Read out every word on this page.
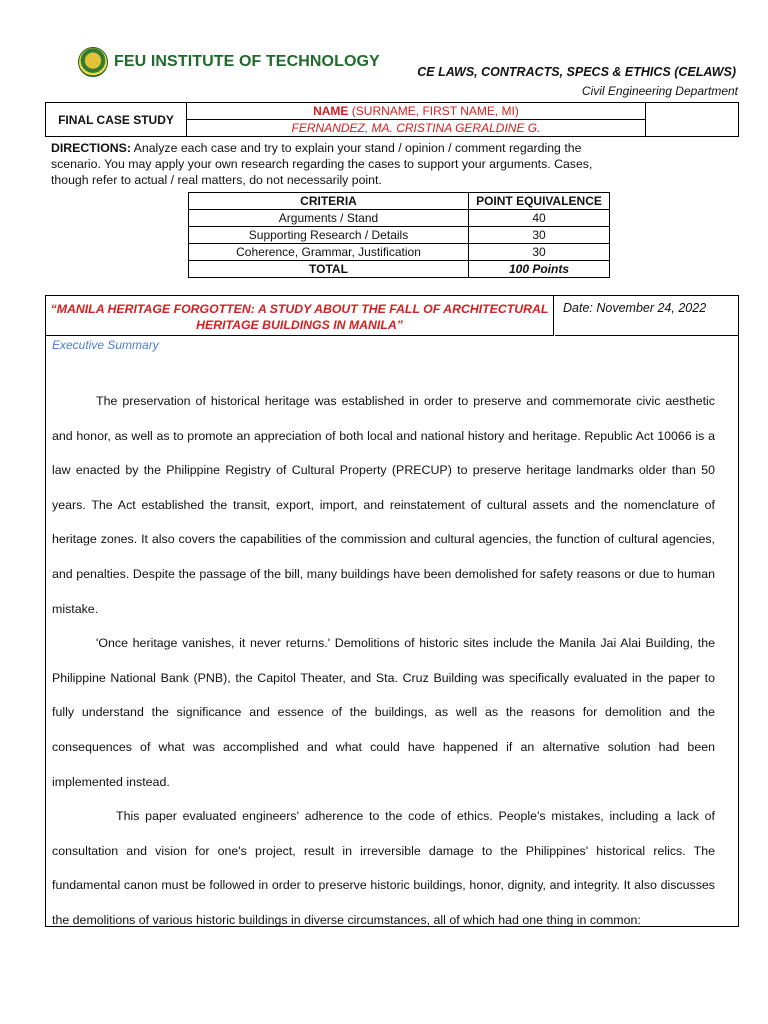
FEU INSTITUTE OF TECHNOLOGY
CE LAWS, CONTRACTS, SPECS & ETHICS (CELAWS)
Civil Engineering Department
FINAL CASE STUDY	NAME (SURNAME, FIRST NAME, MI)	
FERNANDEZ, MA. CRISTINA GERALDINE G.
DIRECTIONS: Analyze each case and try to explain your stand / opinion / comment regarding the scenario. You may apply your own research regarding the cases to support your arguments. Cases, though refer to actual / real matters, do not necessarily point.
CRITERIA	POINT EQUIVALENCE
Arguments / Stand	40
Supporting Research / Details	30
Coherence, Grammar, Justification	30
TOTAL	100 Points
“MANILA HERITAGE FORGOTTEN: A STUDY ABOUT THE FALL OF ARCHITECTURAL
HERITAGE BUILDINGS IN MANILA”
Date: November 24, 2022
Executive Summary

The preservation of historical heritage was established in order to preserve and commemorate civic aesthetic and honor, as well as to promote an appreciation of both local and national history and heritage. Republic Act 10066 is a law enacted by the Philippine Registry of Cultural Property (PRECUP) to preserve heritage landmarks older than 50 years. The Act established the transit, export, import, and reinstatement of cultural assets and the nomenclature of heritage zones. It also covers the capabilities of the commission and cultural agencies, the function of cultural agencies, and penalties. Despite the passage of the bill, many buildings have been demolished for safety reasons or due to human mistake.

'Once heritage vanishes, it never returns.' Demolitions of historic sites include the Manila Jai Alai Building, the Philippine National Bank (PNB), the Capitol Theater, and Sta. Cruz Building was specifically evaluated in the paper to fully understand the significance and essence of the buildings, as well as the reasons for demolition and the consequences of what was accomplished and what could have happened if an alternative solution had been implemented instead.

This paper evaluated engineers' adherence to the code of ethics. People's mistakes, including a lack of consultation and vision for one's project, result in irreversible damage to the Philippines' historical relics. The fundamental canon must be followed in order to preserve historic buildings, honor, dignity, and integrity. It also discusses the demolitions of various historic buildings in diverse circumstances, all of which had one thing in common:
